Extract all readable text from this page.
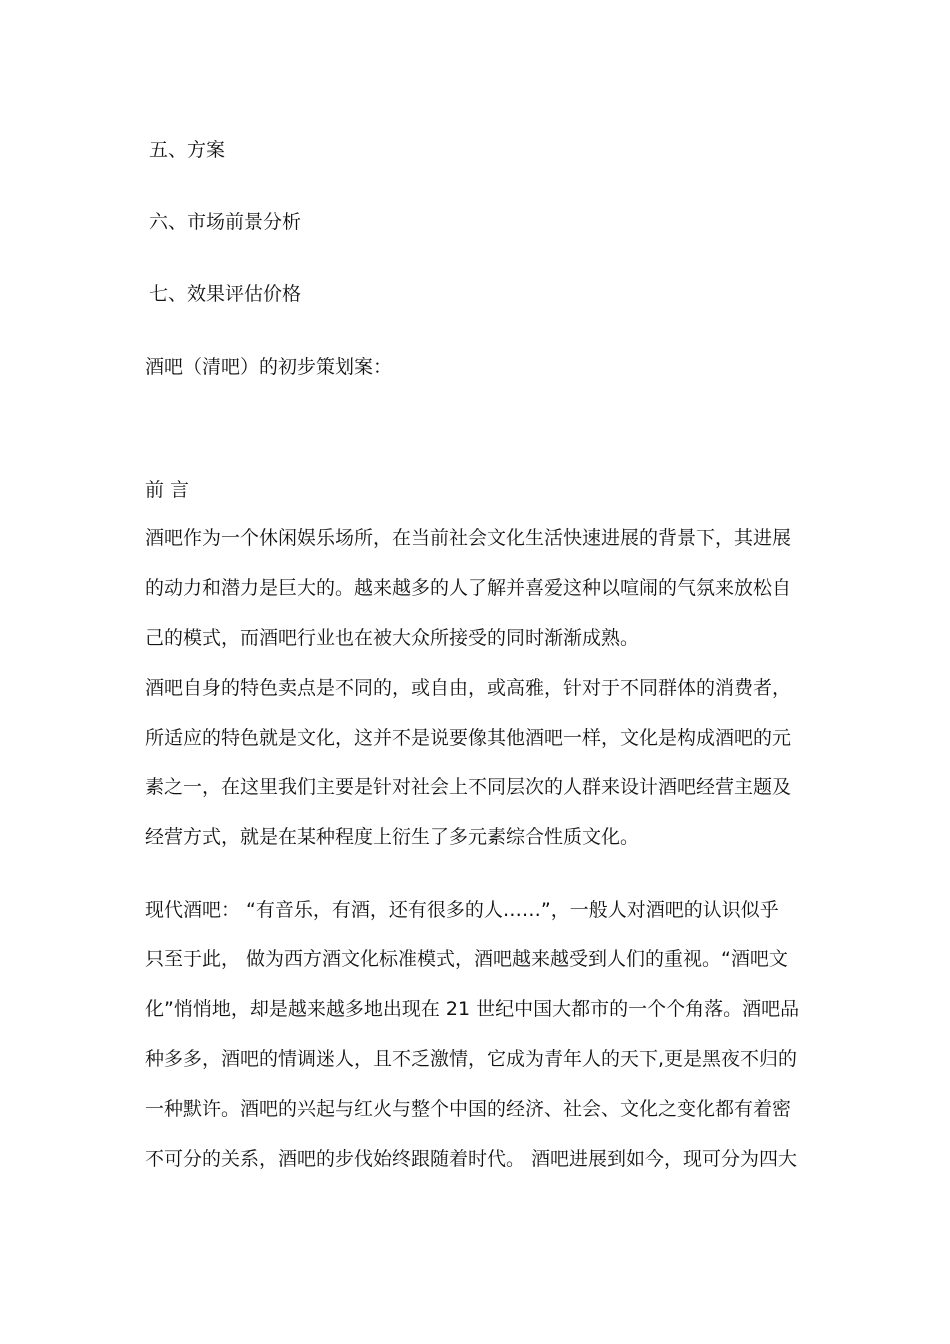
五、方案
六、市场前景分析
七、效果评估价格
酒吧（清吧）的初步策划案：
前 言
酒吧作为一个休闲娱乐场所，在当前社会文化生活快速进展的背景下，其进展
的动力和潜力是巨大的。越来越多的人了解并喜爱这种以喧闹的气氛来放松自
己的模式，而酒吧行业也在被大众所接受的同时渐渐成熟。
酒吧自身的特色卖点是不同的，或自由，或高雅，针对于不同群体的消费者，
所适应的特色就是文化，这并不是说要像其他酒吧一样，文化是构成酒吧的元
素之一，在这里我们主要是针对社会上不同层次的人群来设计酒吧经营主题及
经营方式，就是在某种程度上衍生了多元素综合性质文化。
现代酒吧： “有音乐，有酒，还有很多的人……”，一般人对酒吧的认识似乎
只至于此， 做为西方酒文化标准模式，酒吧越来越受到人们的重视。“酒吧文
化”悄悄地，却是越来越多地出现在 21 世纪中国大都市的一个个角落。酒吧品
种多多，酒吧的情调迷人，且不乏激情，它成为青年人的天下,更是黑夜不归的
一种默许。酒吧的兴起与红火与整个中国的经济、社会、文化之变化都有着密
不可分的关系，酒吧的步伐始终跟随着时代。 酒吧进展到如今，现可分为四大
